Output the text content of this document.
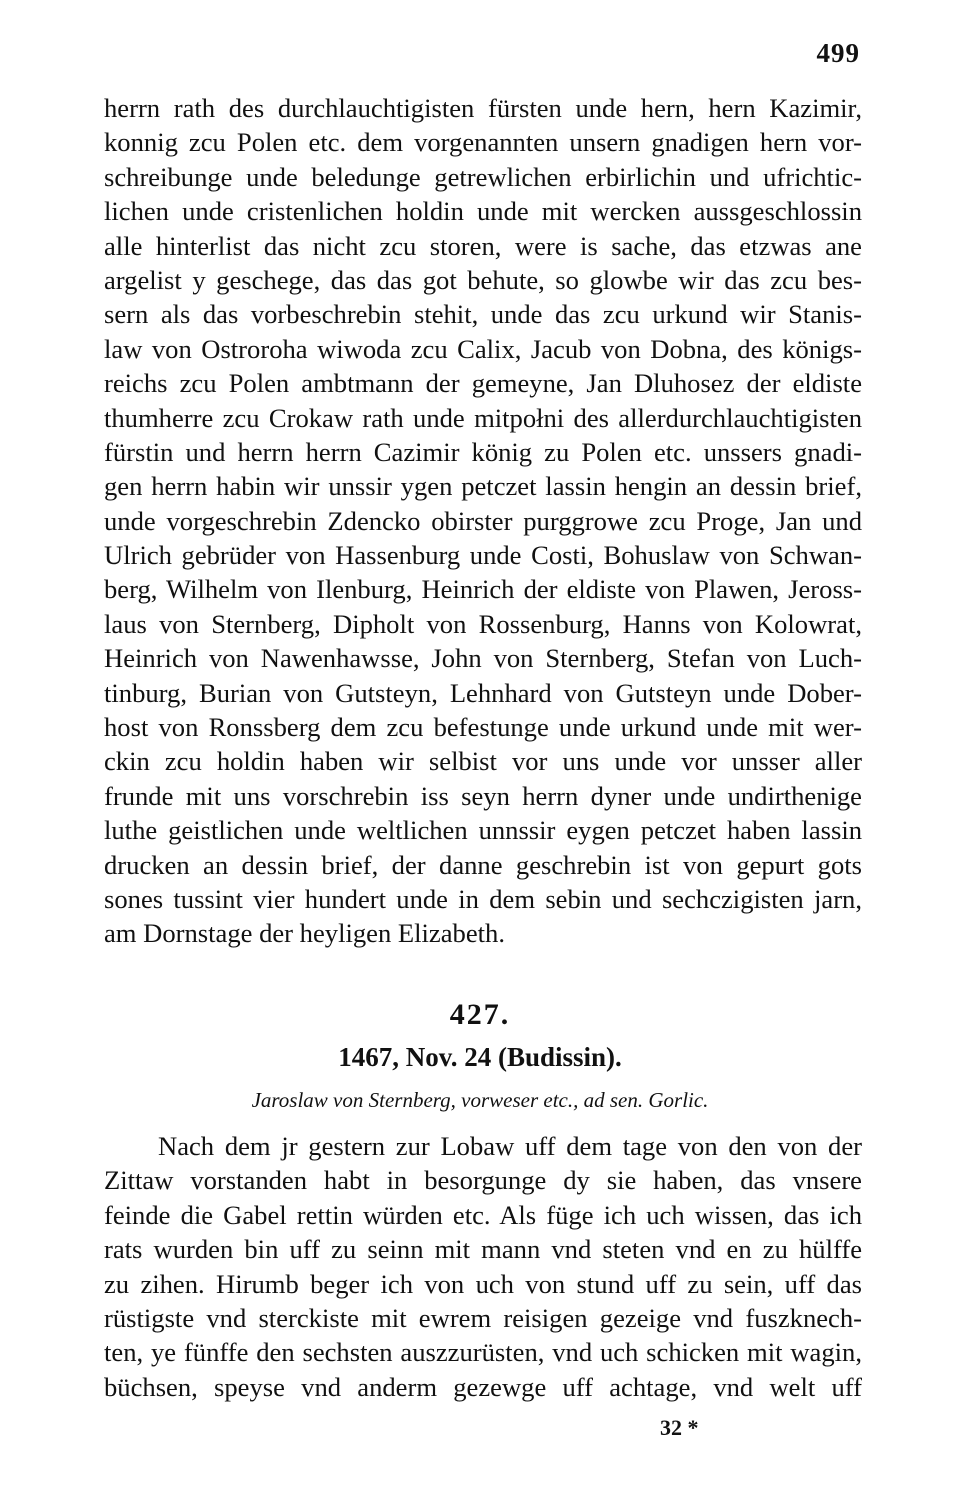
499
herrn rath des durchlauchtigisten fürsten unde hern, hern Kazimir,
konnig zcu Polen etc. dem vorgenannten unsern gnadigen hern vor-
schreibunge unde beledunge getrewlichen erbirlichin und ufrichtic-
lichen unde cristenlichen holdin unde mit wercken aussgeschlossin
alle hinterlist das nicht zcu storen, were is sache, das etzwas ane
argelist y geschege, das das got behute, so glowbe wir das zcu bes-
sern als das vorbeschrebin stehit, unde das zcu urkund wir Stanis-
law von Ostroroha wiwoda zcu Calix, Jacub von Dobna, des königs-
reichs zcu Polen ambtmann der gemeyne, Jan Dluhosez der eldiste
thumherre zcu Crokaw rath unde mitpołni des allerdurchlauchtigisten
fürstin und herrn herrn Cazimir könig zu Polen etc. unssers gnadi-
gen herrn habin wir unssir ygen petczet lassin hengin an dessin brief,
unde vorgeschrebin Zdencko obirster purggrowe zcu Proge, Jan und
Ulrich gebrüder von Hassenburg unde Costi, Bohuslaw von Schwan-
berg, Wilhelm von Ilenburg, Heinrich der eldiste von Plawen, Jeross-
laus von Sternberg, Dipholt von Rossenburg, Hanns von Kolowrat,
Heinrich von Nawenhawsse, John von Sternberg, Stefan von Luch-
tinburg, Burian von Gutsteyn, Lehnhard von Gutsteyn unde Dober-
host von Ronssberg dem zcu befestunge unde urkund unde mit wer-
ckin zcu holdin haben wir selbist vor uns unde vor unsser aller
frunde mit uns vorschrebin iss seyn herrn dyner unde undirthenige
luthe geistlichen unde weltlichen unnssir eygen petczet haben lassin
drucken an dessin brief, der danne geschrebin ist von gepurt gots
sones tussint vier hundert unde in dem sebin und sechczigisten jarn,
am Dornstage der heyligen Elizabeth.
427.
1467, Nov. 24 (Budissin).
Jaroslaw von Sternberg, vorweser etc., ad sen. Gorlic.
Nach dem jr gestern zur Lobaw uff dem tage von den von der
Zittaw vorstanden habt in besorgunge dy sie haben, das vnsere
feinde die Gabel rettin würden etc. Als füge ich uch wissen, das ich
rats wurden bin uff zu seinn mit mann vnd steten vnd en zu hülffe
zu zihen. Hirumb beger ich von uch von stund uff zu sein, uff das
rüstigste vnd sterckiste mit ewrem reisigen gezeige vnd fuszknech-
ten, ye fünffe den sechsten auszzurüsten, vnd uch schicken mit wagin,
büchsen, speyse vnd anderm gezewge uff achtage, vnd welt uff
32 *
